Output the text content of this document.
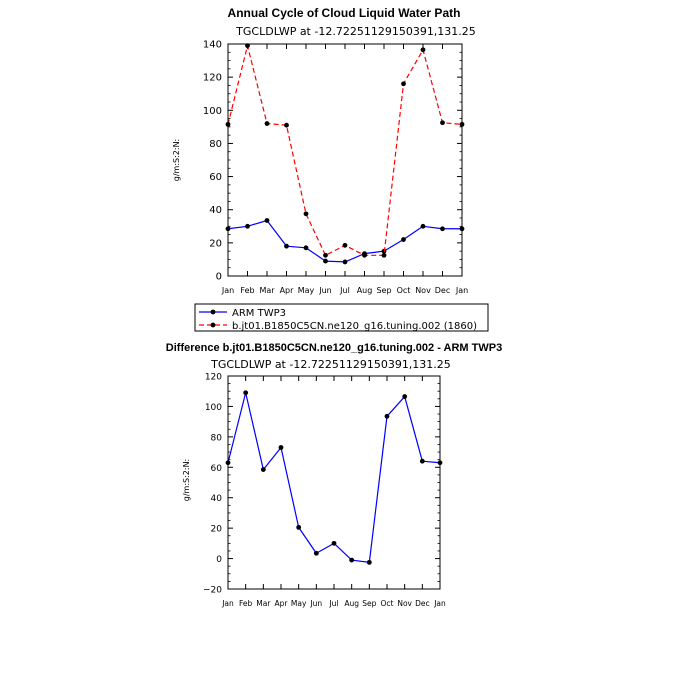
Annual Cycle of Cloud Liquid Water Path
TGCLDLWP at -12.72251129150391,131.25
g/m:S:2:N:
0
20
40
60
80
100
120
140
Jan Feb Mar Apr May Jun Jul Aug Sep Oct Nov Dec Jan
ARM TWP3
b.jt01.B1850C5CN.ne120_g16.tuning.002 (1860)
Difference b.jt01.B1850C5CN.ne120_g16.tuning.002 - ARM TWP3
TGCLDLWP at -12.72251129150391,131.25
g/m:S:2:N:
−20
0
20
40
60
80
100
120
Jan Feb Mar Apr May Jun Jul Aug Sep Oct Nov Dec Jan
